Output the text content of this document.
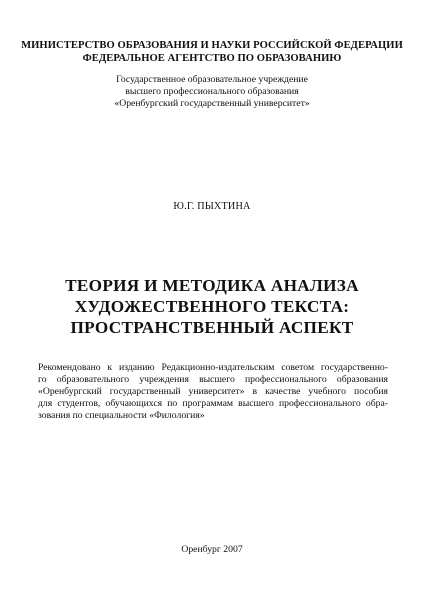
МИНИСТЕРСТВО ОБРАЗОВАНИЯ И НАУКИ РОССИЙСКОЙ ФЕДЕРАЦИИ
ФЕДЕРАЛЬНОЕ АГЕНТСТВО ПО ОБРАЗОВАНИЮ
Государственное образовательное учреждение
высшего профессионального образования
«Оренбургский государственный университет»
Ю.Г. ПЫХТИНА
ТЕОРИЯ И МЕТОДИКА АНАЛИЗА
ХУДОЖЕСТВЕННОГО ТЕКСТА:
ПРОСТРАНСТВЕННЫЙ АСПЕКТ
Рекомендовано к изданию Редакционно-издательским советом государственно-
го образовательного учреждения высшего профессионального образования
«Оренбургский государственный университет» в качестве учебного пособия
для студентов, обучающихся по программам высшего профессионального обра-
зования по специальности «Филология»
Оренбург 2007
